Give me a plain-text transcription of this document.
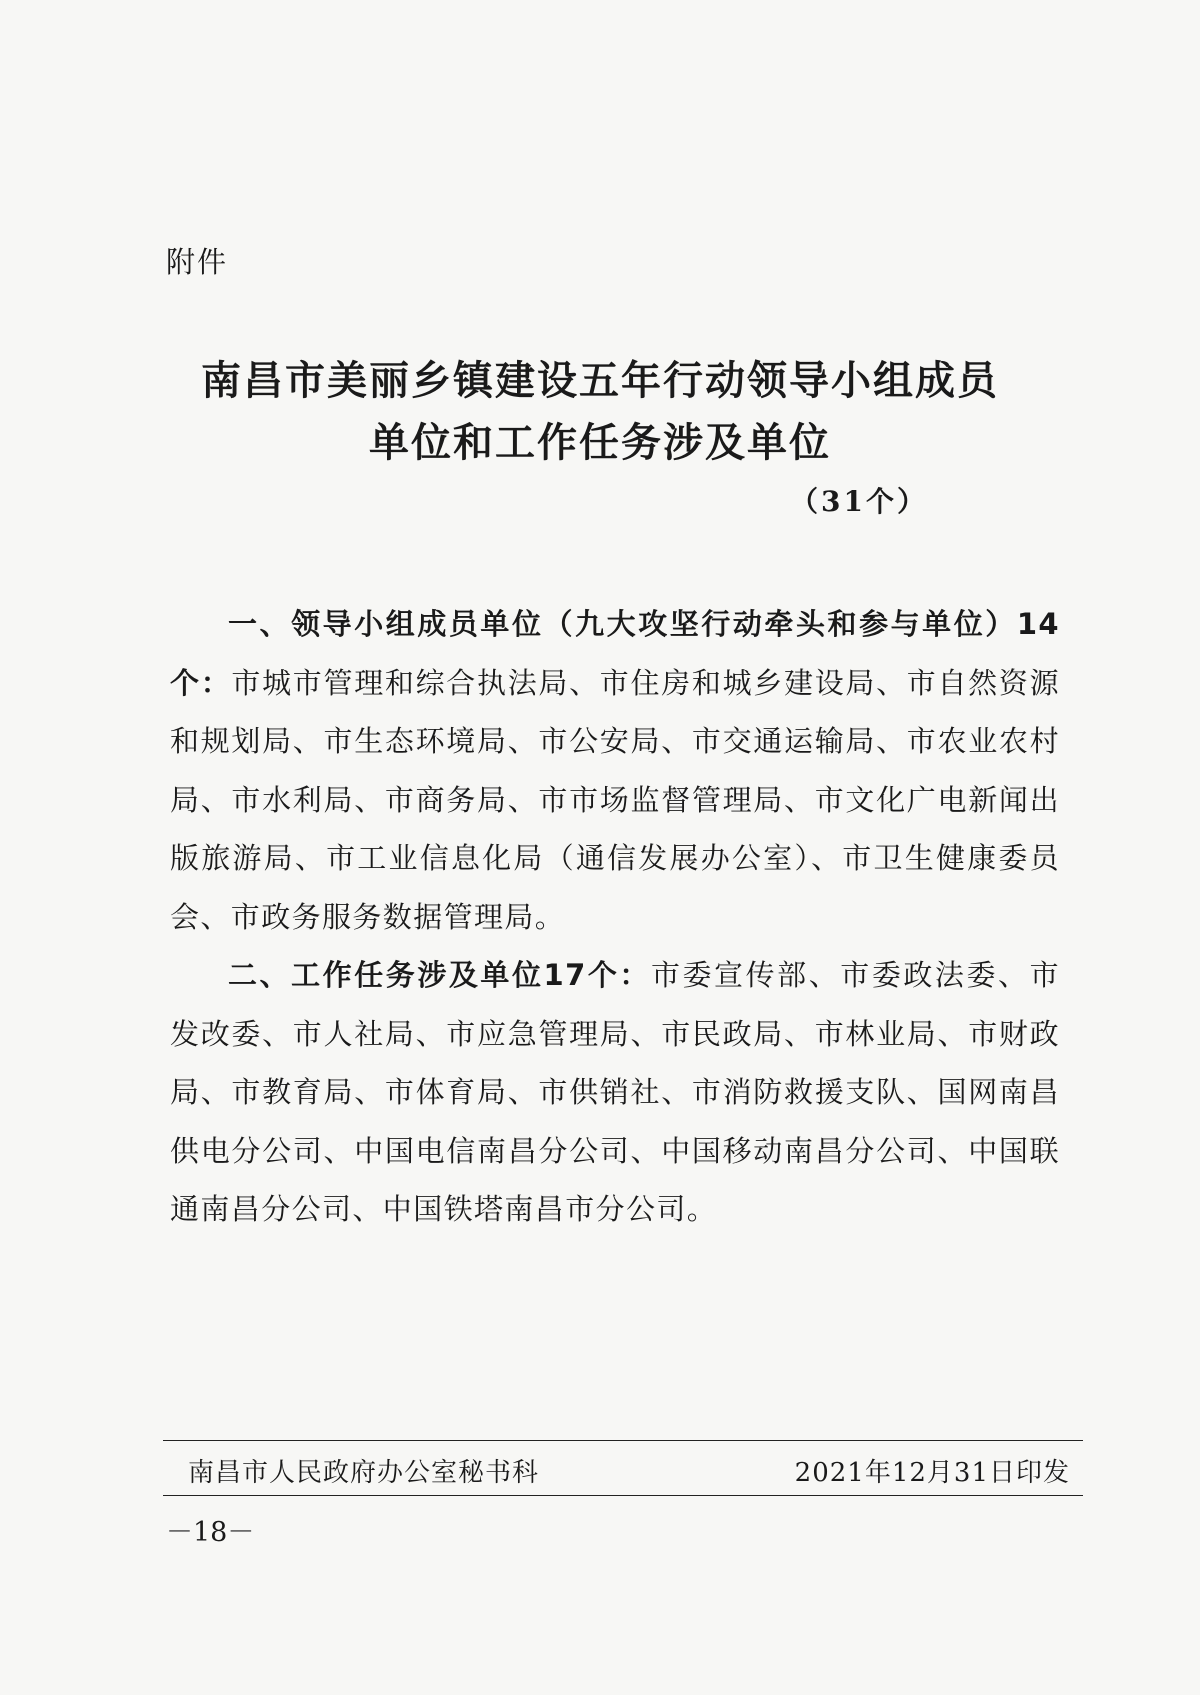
附件
南昌市美丽乡镇建设五年行动领导小组成员
单位和工作任务涉及单位
（31个）

一、领导小组成员单位（九大攻坚行动牵头和参与单位）14个：市城市管理和综合执法局、市住房和城乡建设局、市自然资源和规划局、市生态环境局、市公安局、市交通运输局、市农业农村局、市水利局、市商务局、市市场监督管理局、市文化广电新闻出版旅游局、市工业信息化局（通信发展办公室）、市卫生健康委员会、市政务服务数据管理局。

二、工作任务涉及单位17个：市委宣传部、市委政法委、市发改委、市人社局、市应急管理局、市民政局、市林业局、市财政局、市教育局、市体育局、市供销社、市消防救援支队、国网南昌供电分公司、中国电信南昌分公司、中国移动南昌分公司、中国联通南昌分公司、中国铁塔南昌市分公司。

南昌市人民政府办公室秘书科	2021年12月31日印发
－18－
